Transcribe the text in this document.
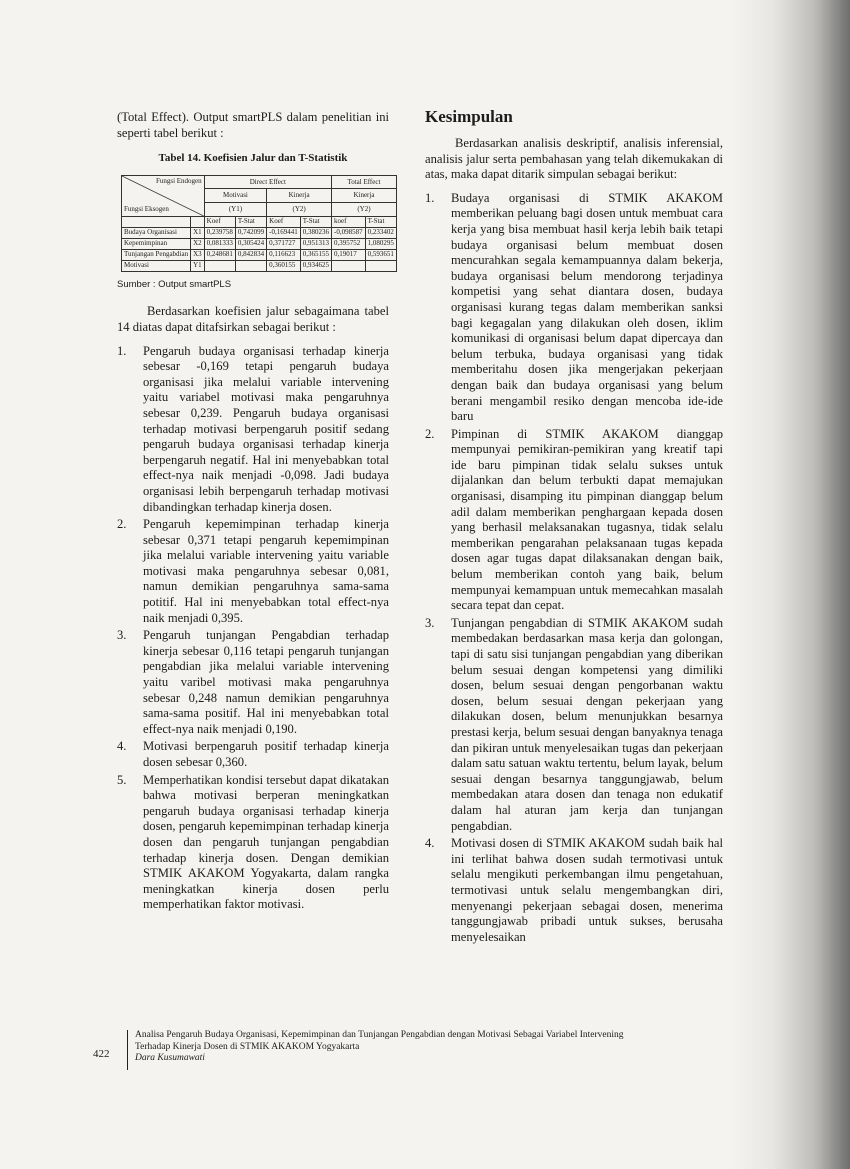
(Total Effect). Output smartPLS dalam penelitian ini seperti tabel berikut :

Tabel 14. Koefisien Jalur dan T-Statistik
Fungsi Endogen
Fungsi Eksogen		Direct Effect				Total Effect	
		Motivasi		Kinerja		Kinerja	
		(Y1)		(Y2)		(Y2)	
		Koef	T-Stat	Koef	T-Stat	koef	T-Stat
Budaya Organisasi	X1	0,239758	0,742099	-0,169441	0,380236	-0,098587	0,233402
Kepemimpinan	X2	0,081333	0,305424	0,371727	0,951313	0,395752	1,080295
Tunjangan Pengabdian	X3	0,248681	0,842834	0,116623	0,365155	0,19017	0,593651
Motivasi	Y1			0,360155	0,934625		
Sumber : Output smartPLS

Berdasarkan koefisien jalur sebagaimana tabel 14 diatas dapat ditafsirkan sebagai berikut :

1. Pengaruh budaya organisasi terhadap kinerja sebesar -0,169 tetapi pengaruh budaya organisasi jika melalui variable intervening yaitu variabel motivasi maka pengaruhnya sebesar 0,239. Pengaruh budaya organisasi terhadap motivasi berpengaruh positif sedang pengaruh budaya organisasi terhadap kinerja berpengaruh negatif. Hal ini menyebabkan total effect-nya naik menjadi -0,098. Jadi budaya organisasi lebih berpengaruh terhadap motivasi dibandingkan terhadap kinerja dosen.
2. Pengaruh kepemimpinan terhadap kinerja sebesar 0,371 tetapi pengaruh kepemimpinan jika melalui variable intervening yaitu variable motivasi maka pengaruhnya sebesar 0,081, namun demikian pengaruhnya sama-sama potitif. Hal ini menyebabkan total effect-nya naik menjadi 0,395.
3. Pengaruh tunjangan Pengabdian terhadap kinerja sebesar 0,116 tetapi pengaruh tunjangan pengabdian jika melalui variable intervening yaitu varibel motivasi maka pengaruhnya sebesar 0,248 namun demikian pengaruhnya sama-sama positif. Hal ini menyebabkan total effect-nya naik menjadi 0,190.
4. Motivasi berpengaruh positif terhadap kinerja dosen sebesar 0,360.
5. Memperhatikan kondisi tersebut dapat dikatakan bahwa motivasi berperan meningkatkan pengaruh budaya organisasi terhadap kinerja dosen, pengaruh kepemimpinan terhadap kinerja dosen dan pengaruh tunjangan pengabdian terhadap kinerja dosen. Dengan demikian STMIK AKAKOM Yogyakarta, dalam rangka meningkatkan kinerja dosen perlu memperhatikan faktor motivasi.
Kesimpulan

Berdasarkan analisis deskriptif, analisis inferensial, analisis jalur serta pembahasan yang telah dikemukakan di atas, maka dapat ditarik simpulan sebagai berikut:

1. Budaya organisasi di STMIK AKAKOM memberikan peluang bagi dosen untuk membuat cara kerja yang bisa membuat hasil kerja lebih baik tetapi budaya organisasi belum membuat dosen mencurahkan segala kemampuannya dalam bekerja, budaya organisasi belum mendorong terjadinya kompetisi yang sehat diantara dosen, budaya organisasi kurang tegas dalam memberikan sanksi bagi kegagalan yang dilakukan oleh dosen, iklim komunikasi di organisasi belum dapat dipercaya dan belum terbuka, budaya organisasi yang tidak memberitahu dosen jika mengerjakan pekerjaan dengan baik dan budaya organisasi yang belum berani mengambil resiko dengan mencoba ide-ide baru
2. Pimpinan di STMIK AKAKOM dianggap mempunyai pemikiran-pemikiran yang kreatif tapi ide baru pimpinan tidak selalu sukses untuk dijalankan dan belum terbukti dapat memajukan organisasi, disamping itu pimpinan dianggap belum adil dalam memberikan penghargaan kepada dosen yang berhasil melaksanakan tugasnya, tidak selalu memberikan pengarahan pelaksanaan tugas kepada dosen agar tugas dapat dilaksanakan dengan baik, belum memberikan contoh yang baik, belum mempunyai kemampuan untuk memecahkan masalah secara tepat dan cepat.
3. Tunjangan pengabdian di STMIK AKAKOM sudah membedakan berdasarkan masa kerja dan golongan, tapi di satu sisi tunjangan pengabdian yang diberikan belum sesuai dengan kompetensi yang dimiliki dosen, belum sesuai dengan pengorbanan waktu dosen, belum sesuai dengan pekerjaan yang dilakukan dosen, belum menunjukkan besarnya prestasi kerja, belum sesuai dengan banyaknya tenaga dan pikiran untuk menyelesaikan tugas dan pekerjaan dalam satu satuan waktu tertentu, belum layak, belum sesuai dengan besarnya tanggungjawab, belum membedakan atara dosen dan tenaga non edukatif dalam hal aturan jam kerja dan tunjangan pengabdian.
4. Motivasi dosen di STMIK AKAKOM sudah baik hal ini terlihat bahwa dosen sudah termotivasi untuk selalu mengikuti perkembangan ilmu pengetahuan, termotivasi untuk selalu mengembangkan diri, menyenangi pekerjaan sebagai dosen, menerima tanggungjawab pribadi untuk sukses, berusaha menyelesaikan
422
Analisa Pengaruh Budaya Organisasi, Kepemimpinan dan Tunjangan Pengabdian dengan Motivasi Sebagai Variabel Intervening
Terhadap Kinerja Dosen di STMIK AKAKOM Yogyakarta
Dara Kusumawati
